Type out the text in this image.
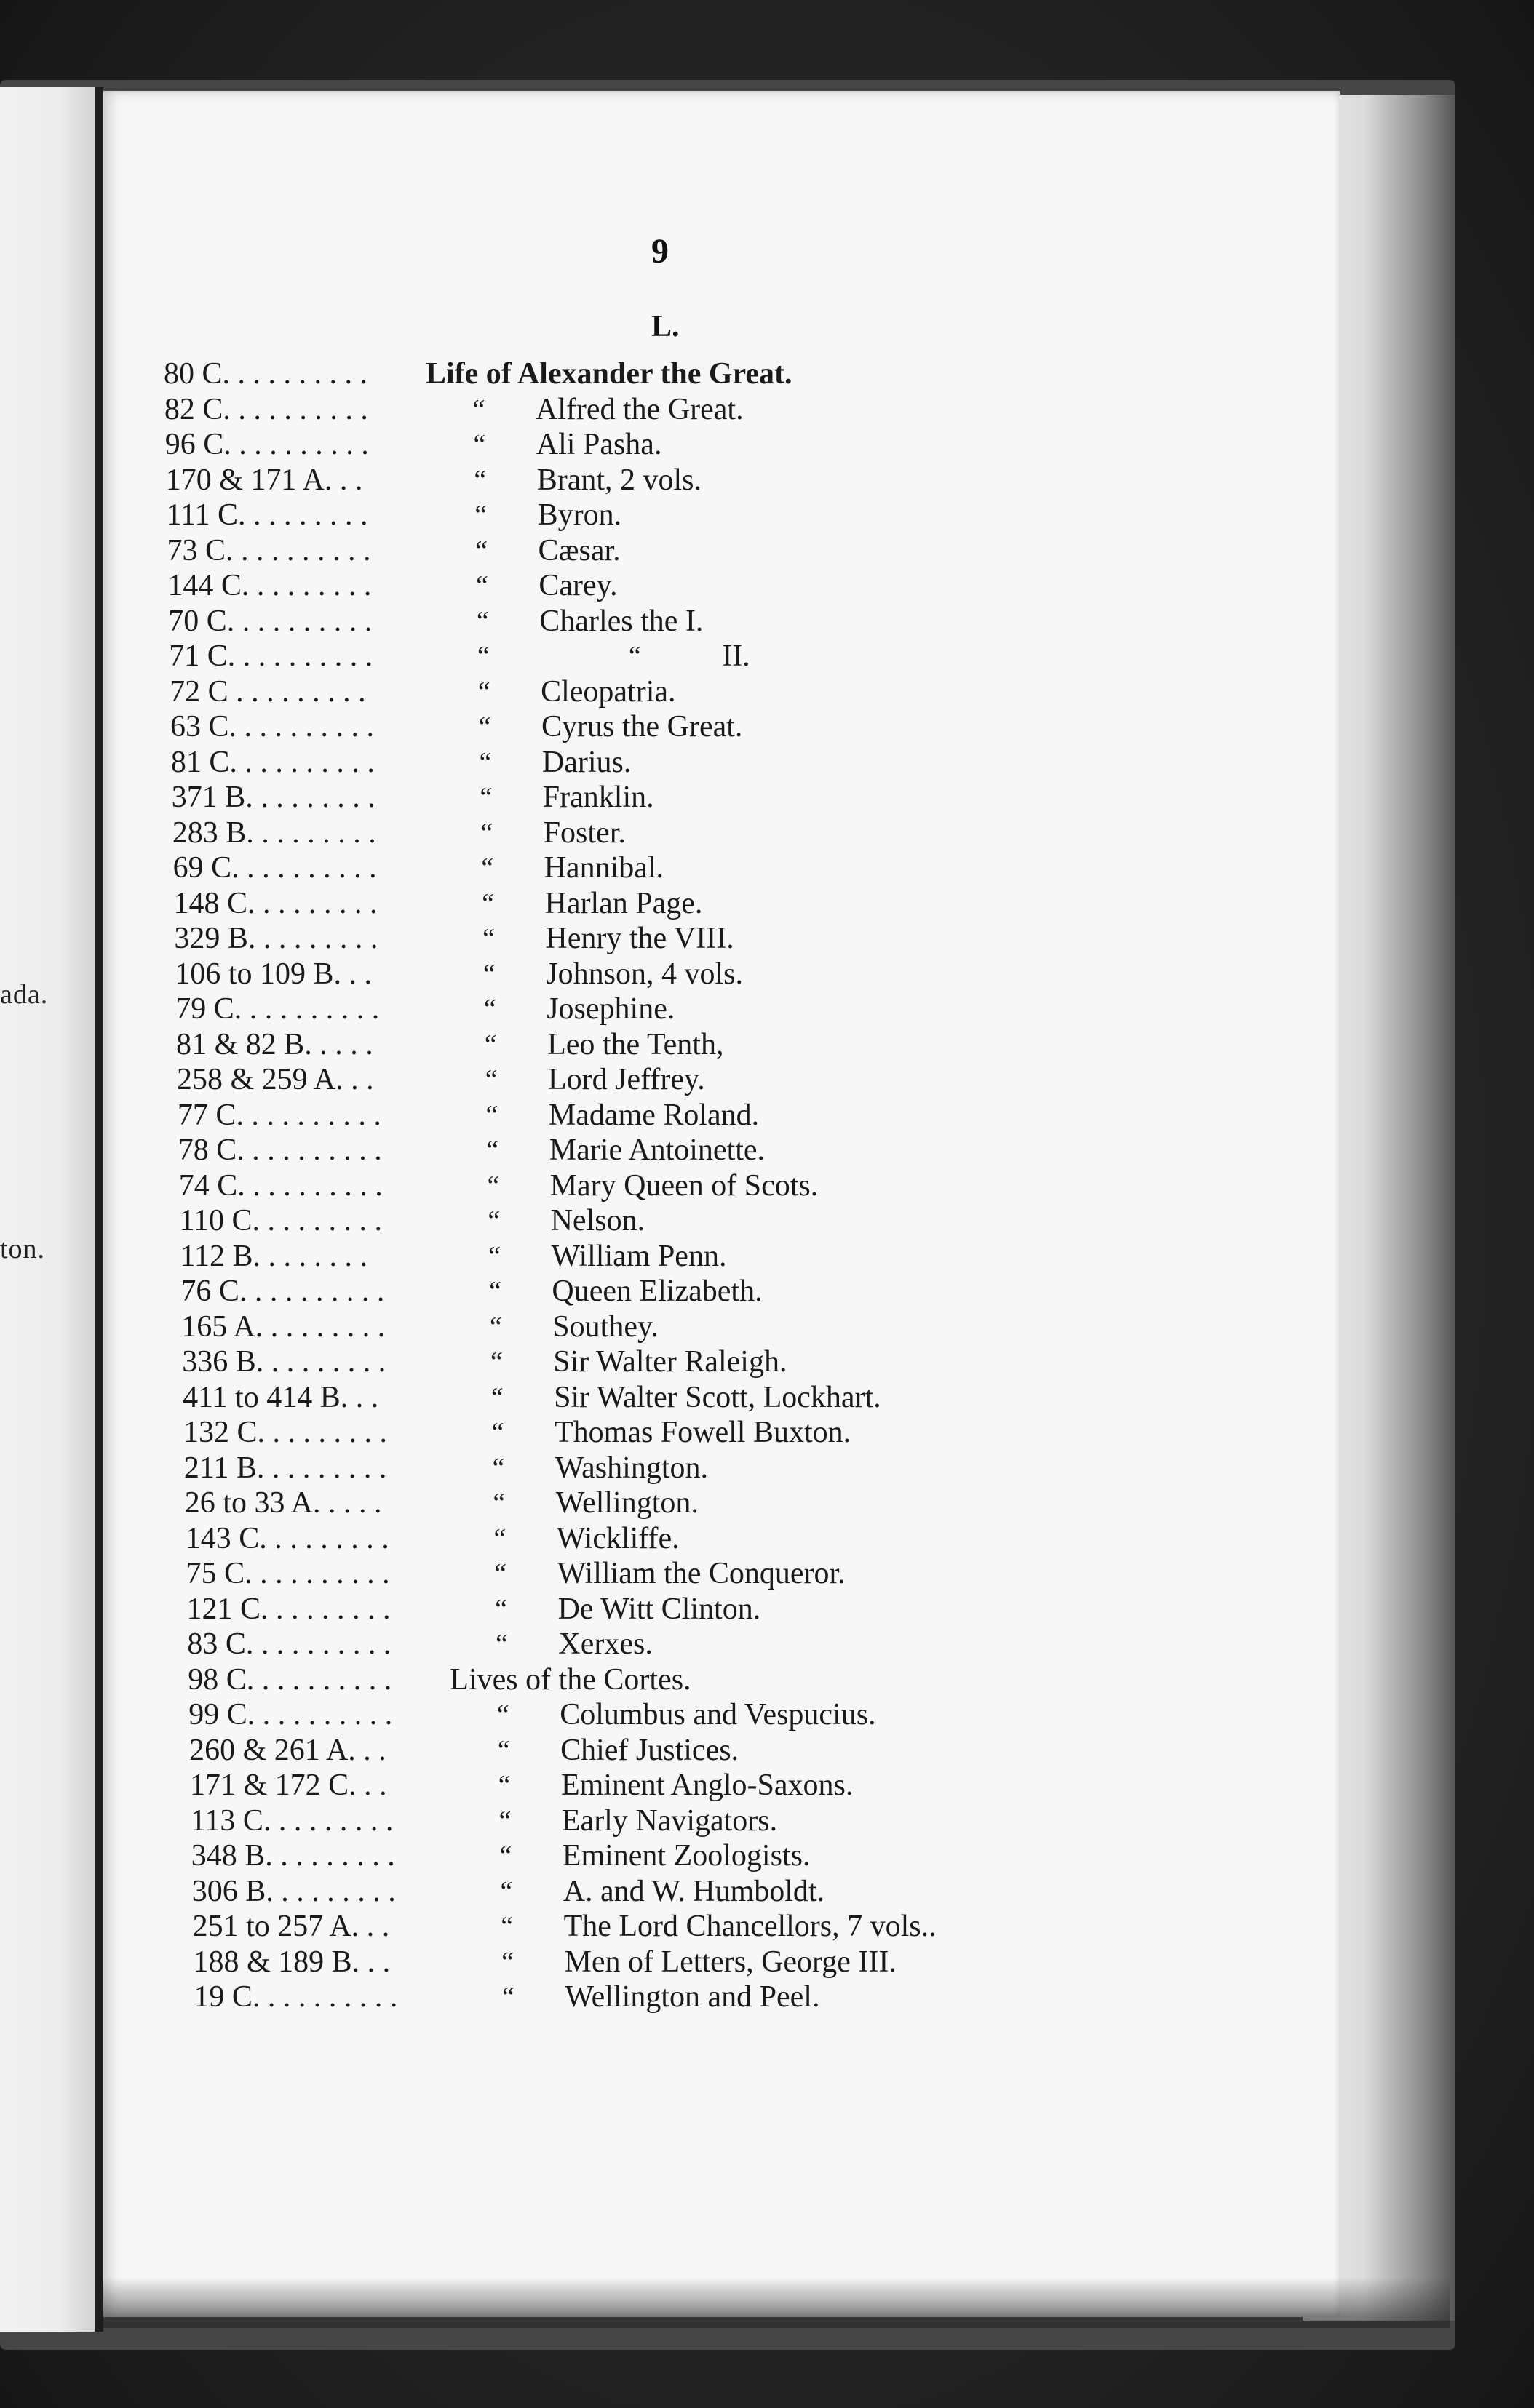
ada.
ton.
9
L.
80 C. . . . . . . . . . Life of Alexander the Great.
82 C. . . . . . . . . .	“ Alfred the Great.
96 C. . . . . . . . . .	“ Ali Pasha.
170 & 171 A. . .	“ Brant, 2 vols.
111 C. . . . . . . . .	“ Byron.
73 C. . . . . . . . . .	“ Cæsar.
144 C. . . . . . . . .	“ Carey.
70 C. . . . . . . . . .	“ Charles the I.
71 C. . . . . . . . . .	“	“	II.
72 C . . . . . . . . .	“ Cleopatria.
63 C. . . . . . . . . .	“ Cyrus the Great.
81 C. . . . . . . . . .	“ Darius.
371 B. . . . . . . . .	“ Franklin.
283 B. . . . . . . . .	“ Foster.
69 C. . . . . . . . . .	“ Hannibal.
148 C. . . . . . . . .	“ Harlan Page.
329 B. . . . . . . . .	“ Henry the VIII.
106 to 109 B. . .	“ Johnson, 4 vols.
79 C. . . . . . . . . .	“ Josephine.
81 & 82 B. . . . .	“ Leo the Tenth,
258 & 259 A. . .	“ Lord Jeffrey.
77 C. . . . . . . . . .	“ Madame Roland.
78 C. . . . . . . . . .	“ Marie Antoinette.
74 C. . . . . . . . . .	“ Mary Queen of Scots.
110 C. . . . . . . . .	“ Nelson.
112 B. . . . . . . .	“ William Penn.
76 C. . . . . . . . . .	“ Queen Elizabeth.
165 A. . . . . . . . .	“ Southey.
336 B. . . . . . . . .	“ Sir Walter Raleigh.
411 to 414 B. . .	“ Sir Walter Scott, Lockhart.
132 C. . . . . . . . .	“ Thomas Fowell Buxton.
211 B. . . . . . . . .	“ Washington.
26 to 33 A. . . . .	“ Wellington.
143 C. . . . . . . . .	“ Wickliffe.
75 C. . . . . . . . . .	“ William the Conqueror.
121 C. . . . . . . . .	“ De Witt Clinton.
83 C. . . . . . . . . .	“ Xerxes.
98 C. . . . . . . . . . Lives of the Cortes.
99 C. . . . . . . . . .	“ Columbus and Vespucius.
260 & 261 A. . .	“ Chief Justices.
171 & 172 C. . .	“ Eminent Anglo-Saxons.
113 C. . . . . . . . .	“ Early Navigators.
348 B. . . . . . . . .	“ Eminent Zoologists.
306 B. . . . . . . . .	“ A. and W. Humboldt.
251 to 257 A. . .	“ The Lord Chancellors, 7 vols..
188 & 189 B. . .	“ Men of Letters, George III.
19 C. . . . . . . . . .	“ Wellington and Peel.
